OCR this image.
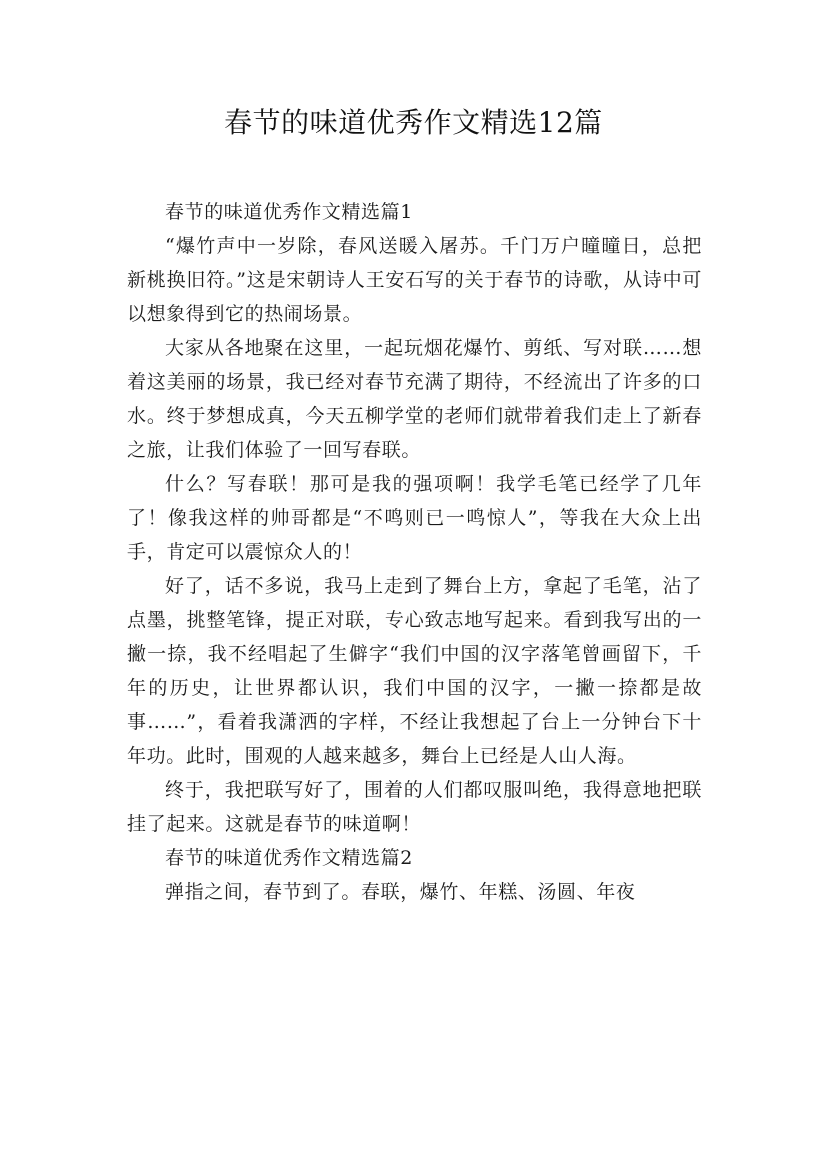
春节的味道优秀作文精选12篇

春节的味道优秀作文精选篇1

“爆竹声中一岁除，春风送暖入屠苏。千门万户曈曈日，总把新桃换旧符。”这是宋朝诗人王安石写的关于春节的诗歌，从诗中可以想象得到它的热闹场景。

大家从各地聚在这里，一起玩烟花爆竹、剪纸、写对联……想着这美丽的场景，我已经对春节充满了期待，不经流出了许多的口水。终于梦想成真，今天五柳学堂的老师们就带着我们走上了新春之旅，让我们体验了一回写春联。

什么？写春联！那可是我的强项啊！我学毛笔已经学了几年了！像我这样的帅哥都是“不鸣则已一鸣惊人”，等我在大众上出手，肯定可以震惊众人的！

好了，话不多说，我马上走到了舞台上方，拿起了毛笔，沾了点墨，挑整笔锋，提正对联，专心致志地写起来。看到我写出的一撇一捺，我不经唱起了生僻字“我们中国的汉字落笔曾画留下，千年的历史，让世界都认识，我们中国的汉字，一撇一捺都是故事……”，看着我潇洒的字样，不经让我想起了台上一分钟台下十年功。此时，围观的人越来越多，舞台上已经是人山人海。

终于，我把联写好了，围着的人们都叹服叫绝，我得意地把联挂了起来。这就是春节的味道啊！

春节的味道优秀作文精选篇2

弹指之间，春节到了。春联，爆竹、年糕、汤圆、年夜
